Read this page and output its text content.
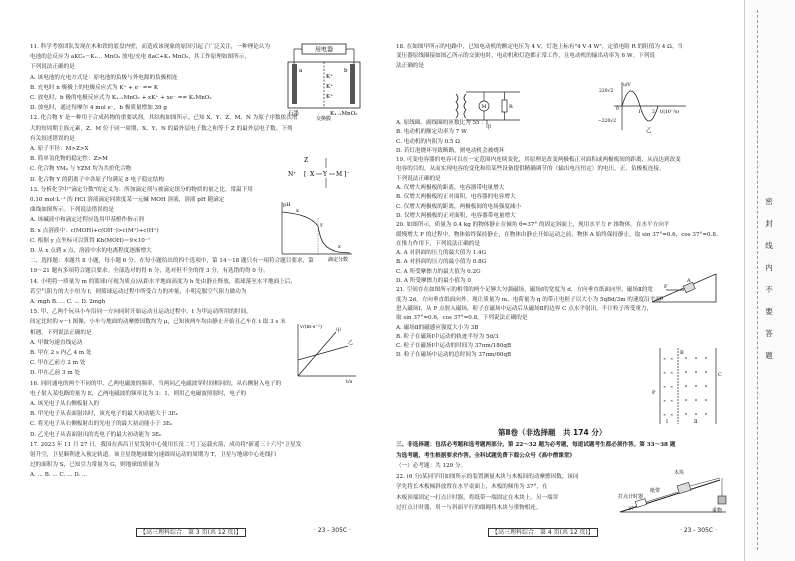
11. 科学考察团队发现在木和铁的底盘内壁，而造成该现象的原因引起了广泛关注，一种理论认为
电池的总反应为 aKC₆－Kₓ... MnO₂ 放电/充电 8aC+K₁ MnO₂，其工作原理如图所示，
下列说法正确的是
A. 该电池的充电方式是：原电池的负极与外电源的负极相连
B. 充电时 n 极极上的电极反应式为 K⁺ + e⁻ == K
C. 放电时，b 极的电极反应式为 K₁₋ₓMnO₂ + xK⁺ + xe⁻ == KₓMnO₂
D. 放电时，通过每摩尔 4 mol e⁻，b 极质量增加 39 g
12. 化合物 Y 是一种用于合成药物的重要试剂，其结构如图所示。已知 X、Y、Z、M、N 为原子序数依次增
大的短周期主族元素，Z、M 位于同一周期，X、Y、N 的最外层电子数之和等于 Z 的最外层电子数。下列
有关叙述错误的是
A. 原子半径：M>Z>X
B. 简单氢化物的稳定性：Z>M
C. 化合物 YM₄ 与 YZM 均为共价化合物
D. 化合物 Y 的阴离子中各原子均满足 8 电子稳定结构
13. 分析化学中"滴定分数"的定义为：所加滴定剂与被滴定组分的物质的量之比。常温下用
0.10 mol·L⁻¹ 的 HCl 溶液滴定同浓度某一元碱 MOH 溶液，溶液 pH 随滴定
曲线如图所示。下列说法错误的是
A. 该碱液中和滴定过程应选用甲基橙作指示剂
B. x 点溶液中：c(MOH)+c(OH⁻)>c(M⁺)+c(H⁺)
C. 根据 y 点坐标可以算得 Kb(MOH)＝9×10⁻⁷
D. 从 x 点到 z 点，溶液中水的电离程度逐渐增大
二、选择题：本题共 8 小题，每小题 6 分。在每小题给出的四个选项中，第 14～18 题只有一项符合题目要求，第
19～21 题有多项符合题目要求。全部选对的得 6 分，选对但不全的得 3 分，有选错的得 0 分。
14. 小明将一质量为 m 的篮球(可视为质点)从距水平地面高度为 h 处由静止释放，篮球落至水平地面上后，
若空气阻力的大小恒为 f，则篮球运动过程中所受合力的冲量，小明克服空气阻力做功为
A. mgh B. ... C. ... D. 2mgh
15. 甲、乙两个玩具小车沿同一方向同时开始运动且运动过程中，t 为甲运动所用的时间，
间定比时的 v－t 图像，小车与地面的动摩擦因数均为 μ，已知该两车均由静止开始且乙车在 t 取 3 s 末
相遇，下列说法正确的是
A. 甲做匀速直线运动
B. 甲在 2 s 内乙 4 m 处
C. 甲在乙前方 2 m 处
D. 甲在乙前 3 m 处
16. 同时通电的两个不同的甲、乙两电磁波的频率，当两同乙电磁波穿时间相同的，从右侧射入电子的
电子射入某电路的量为 E，乙两电磁波的频率比为 3：1，则用乙电磁波照射时，电子的
A. 该光电子从右侧板射入的
B. 甲光电子从表面射出时，该光电子的最大初动能大于 3Eₖ
C. 将光电子从右侧板射出的光电子的最大初动能小于 3Eₖ
D. 乙光电子从表面射出的光电子的最大初动能为 3Eₖ
17. 2023 年 11 月 27 日，我国在西昌卫星发射中心使用长征二号丁运载火箭，成功将"新遥三十六号"卫星发
射升空，卫星顺利进入预定轨道。该卫星绕地球做匀速圆周运动的周期为 T，卫星与地球中心连线扫
过的面积为 S，已知引力常量为 G，则地球的质量为
A. ... B. ... C. ... D. ...
用电器
a	b
K⁺
K⁺
K⁺
石墨	K₁₋ₓMnO₂
交换膜
N⁺
Z
[ X Y M ]⁻
pH
滴定分数
x
y
z
v/(m·s⁻¹)
t/s
甲
乙
【高三理科综合　第 3 页(共 12 页)】	· 23 - 305C ·
18. 在如图甲所示的电路中，已知电动机的额定电压为 4 V，灯泡上标有"4 V 4 W"，定值电阻 R 的阻值为 4 Ω。当
变压器原线圈接如图乙所示的交流电时，电动机和灯泡都正常工作，且电动机的输出功率为 6 W。下列说
法正确的是
A. 原线圈、副线圈的匝数比为 55∶1
B. 电动机的额定功率为 7 W
C. 电动机的内阻为 0.5 Ω
D. 若灯泡烧坏导致断路，则电动机会被烧坏
19. 可变电容器的电容可以在一定范围内连续变化，其原理是改变两极板正对面积或两极板间的距离，从而达到改变
电容的目的，从而实现电容的变化和给某些设备提供精确调节的（输出电压恒定）的电压，正、负极板连接。
下列说法正确的是
A. 仅增大两极板的距离，电容器带电量增大
B. 仅增大两极板的正对面积，电容器的电容增大
C. 仅增大两极板的距离，两极板间的电场强度减小
D. 仅增大两极板的正对面积，电容器带电量增大
20. 如图所示，质量为 0.4 kg 的物体静止在倾角 θ=37° 的固定斜面上，现用水平力 F 推物体。在水平方向平
缓慢增大 F 的过程中，物体始终保持静止，在物体由静止开始运动之前，物体 A 始终保持静止。取 sin 37°=0.6，cos 37°=0.8。
在推力作用下，下列说法正确的是
A. A 对斜面的压力的最大值为 1.4G
B. A 对斜面的压力的最小值为 0.8G
C. A 所受摩擦力的最大值为 0.2G
D. A 所受摩擦力的最小值为 0
21. 空间存在如图所示的相邻的两个足够大匀强磁场，磁场Ⅰ的宽度为 d，方向垂直纸面向里，磁场Ⅱ的宽
度为 2d，方向垂直纸面向外。现让质量为 m、电荷量为 q 的带正电粒子以大小为 5qBd/3m 的速度沿平面
进入磁场Ⅰ，从 P 点射入磁场，粒子在磁场中运动后从磁场Ⅱ的边界 C 点水平射出，不计粒子所受重力，
取 sin 37°=0.6，cos 37°=0.8，下列说法正确的是
A. 磁场Ⅱ的磁感应强度大小为 3B
B. 粒子在磁场Ⅰ中运动的轨迹半径为 5d/3
C. 粒子在磁场Ⅰ中运动的时间为 37πm/180qB
D. 粒子在磁场中运动的总时间为 37πm/60qB
第Ⅱ卷（非选择题　共 174 分）
三、非选择题：包括必考题和选考题两部分。第 22～32 题为必考题，每道试题考生都必须作答。第 33～38 题
为选考题，考生根据要求作答。全科试题免费下载公众号《高中僧课堂》
（一）必考题：共 129 分。
22. (6 分)某同学用如图所示的装置测量木块与木板间的动摩擦因数，该同
学先将长木板倾斜放置在水平桌面上，木板的倾角为 37°，在
木板顶端固定一打点计时器，将纸带一端固定在木块上，另一端穿
过打点计时器，用一与斜面平行的细绳将木块与重物相连。
M	R
甲
u/V
t/(10⁻²s)
220√2
0
−220√2
1 2
乙
F
A
θ
× ×
× ×
× ×
× ×
× ×
P
C
B
Ⅰ	Ⅱ
木块
纸带
打点计时器
重物
37°
【高三理科综合　第 4 页(共 12 页)】	· 23 - 305C ·
密
封
线
内
不
要
答
题
